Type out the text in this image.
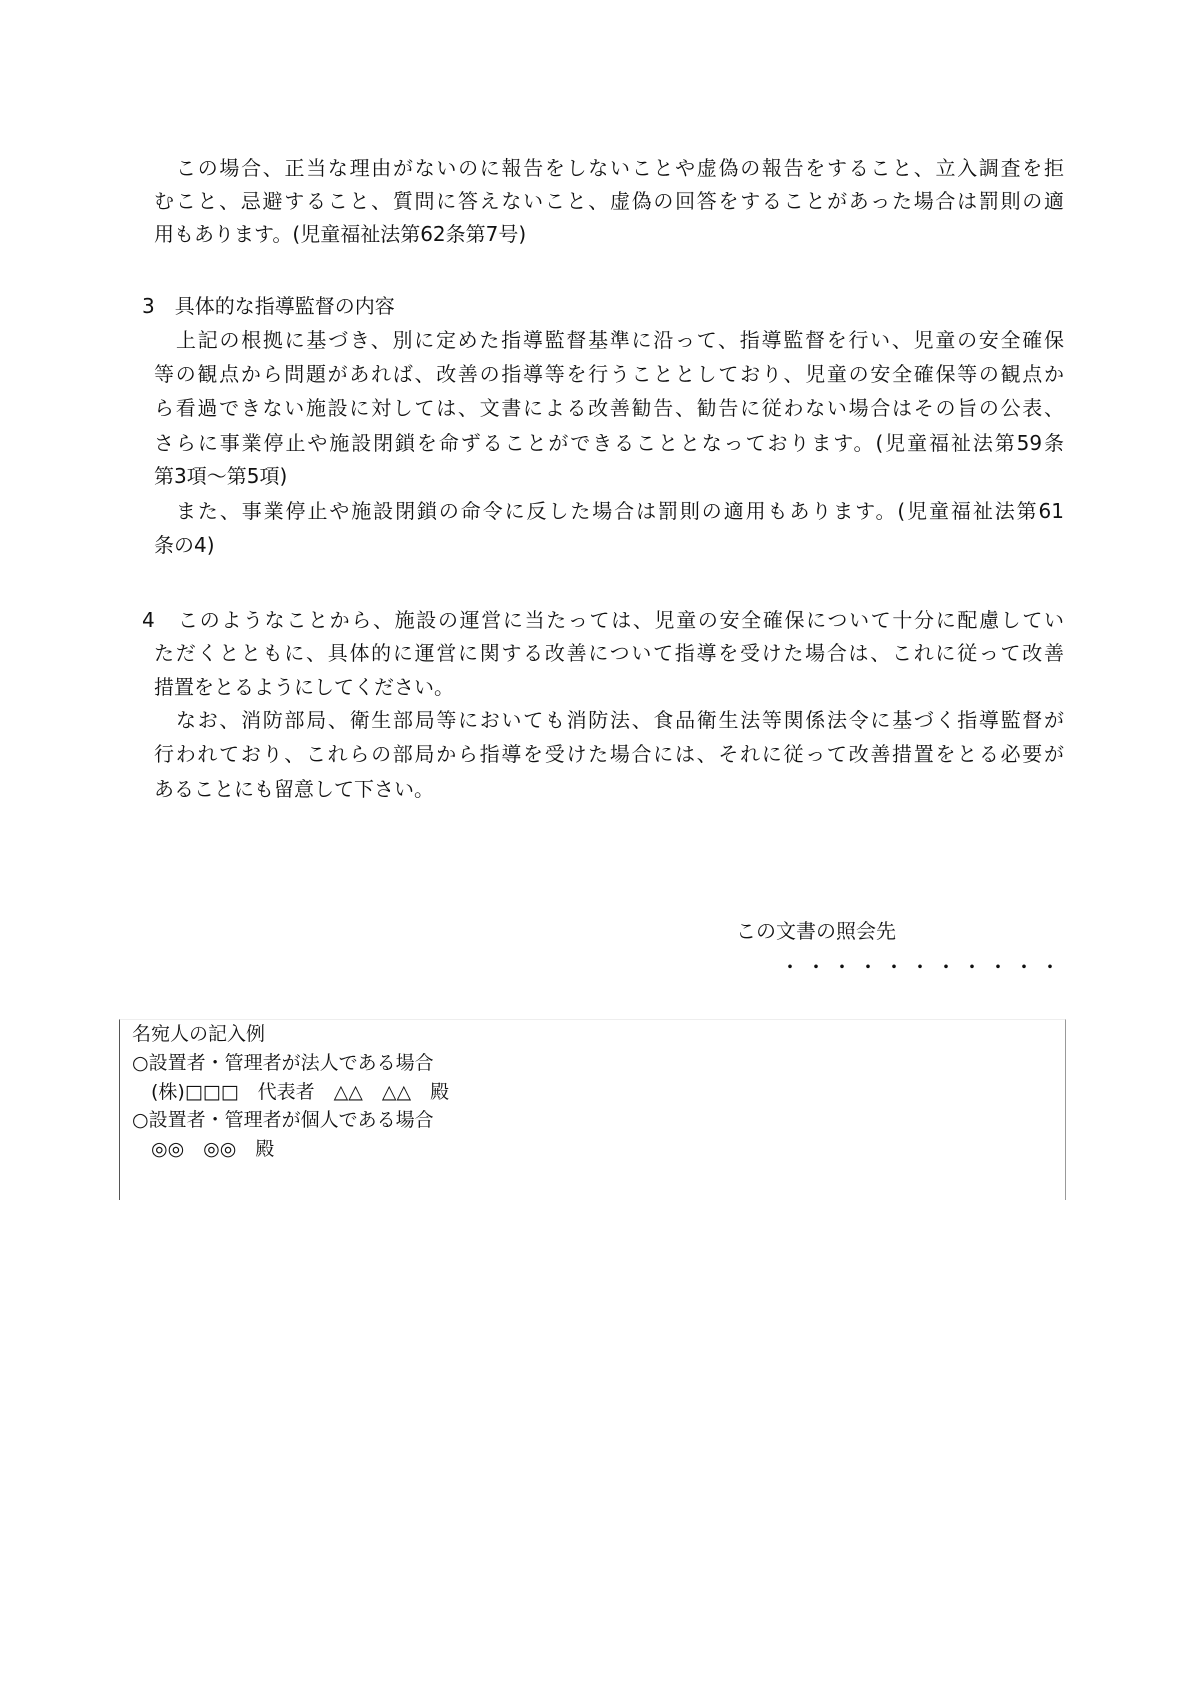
この場合、正当な理由がないのに報告をしないことや虚偽の報告をすること、立入調査を拒
むこと、忌避すること、質問に答えないこと、虚偽の回答をすることがあった場合は罰則の適
用もあります。(児童福祉法第62条第7号)
3　具体的な指導監督の内容
上記の根拠に基づき、別に定めた指導監督基準に沿って、指導監督を行い、児童の安全確保
等の観点から問題があれば、改善の指導等を行うこととしており、児童の安全確保等の観点か
ら看過できない施設に対しては、文書による改善勧告、勧告に従わない場合はその旨の公表、
さらに事業停止や施設閉鎖を命ずることができることとなっております。(児童福祉法第59条
第3項～第5項)
また、事業停止や施設閉鎖の命令に反した場合は罰則の適用もあります。(児童福祉法第61
条の4)
4　このようなことから、施設の運営に当たっては、児童の安全確保について十分に配慮してい
ただくとともに、具体的に運営に関する改善について指導を受けた場合は、これに従って改善
措置をとるようにしてください。
なお、消防部局、衛生部局等においても消防法、食品衛生法等関係法令に基づく指導監督が
行われており、これらの部局から指導を受けた場合には、それに従って改善措置をとる必要が
あることにも留意して下さい。
この文書の照会先
・・・・・・・・・・・
名宛人の記入例
○設置者・管理者が法人である場合
　(株)□□□　代表者　△△　△△　殿
○設置者・管理者が個人である場合
　◎◎　◎◎　殿
